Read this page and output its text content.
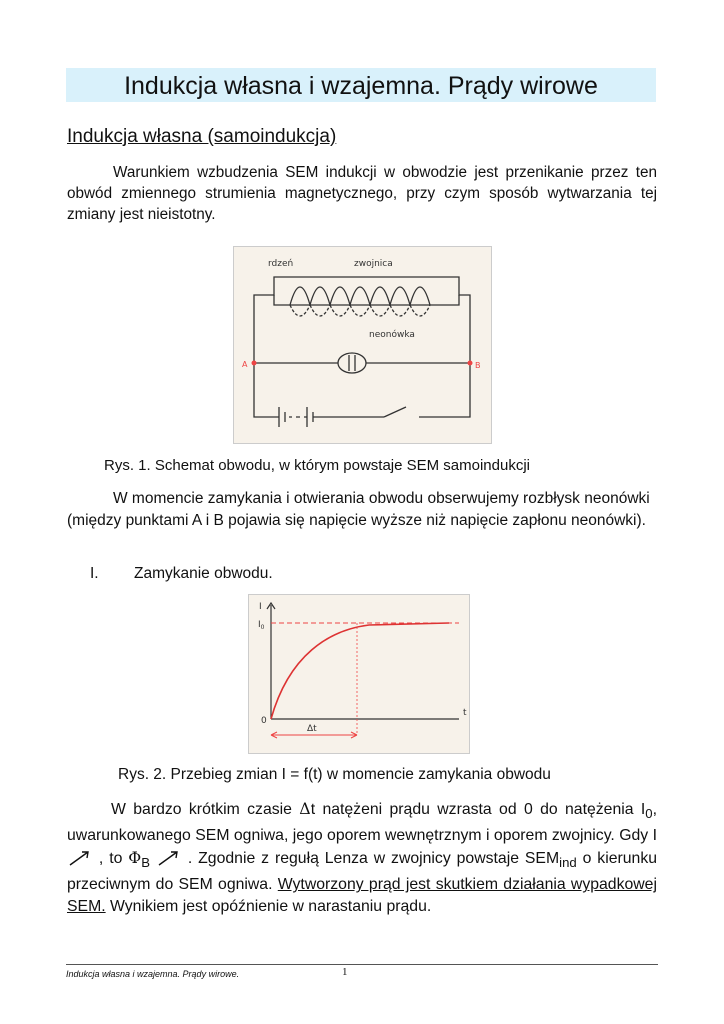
Indukcja własna i wzajemna. Prądy wirowe
Indukcja własna (samoindukcja)
Warunkiem wzbudzenia SEM indukcji w obwodzie jest przenikanie przez ten obwód zmiennego strumienia magnetycznego, przy czym sposób wytwarzania tej zmiany jest nieistotny.
rdzeń	zwojnica
neonówka
A	B
Rys. 1. Schemat obwodu, w którym powstaje SEM samoindukcji
W momencie zamykania i otwierania obwodu obserwujemy rozbłysk neonówki (między punktami A i B pojawia się napięcie wyższe niż napięcie zapłonu neonówki).
I. Zamykanie obwodu.
I
$I_0$
t
0
Δt
Rys. 2. Przebieg zmian I = f(t) w momencie zamykania obwodu
W bardzo krótkim czasie Δt natężeni prądu wzrasta od 0 do natężenia $I_0$, uwarunkowanego SEM ogniwa, jego oporem wewnętrznym i oporem zwojnicy. Gdy I  , to $\Phi_B$  . Zgodnie z regułą Lenza w zwojnicy powstaje $SEM_{ind}$ o kierunku przeciwnym do SEM ogniwa. Wytworzony prąd jest skutkiem działania wypadkowej SEM. Wynikiem jest opóźnienie w narastaniu prądu.
Indukcja własna i wzajemna. Prądy wirowe.	1
